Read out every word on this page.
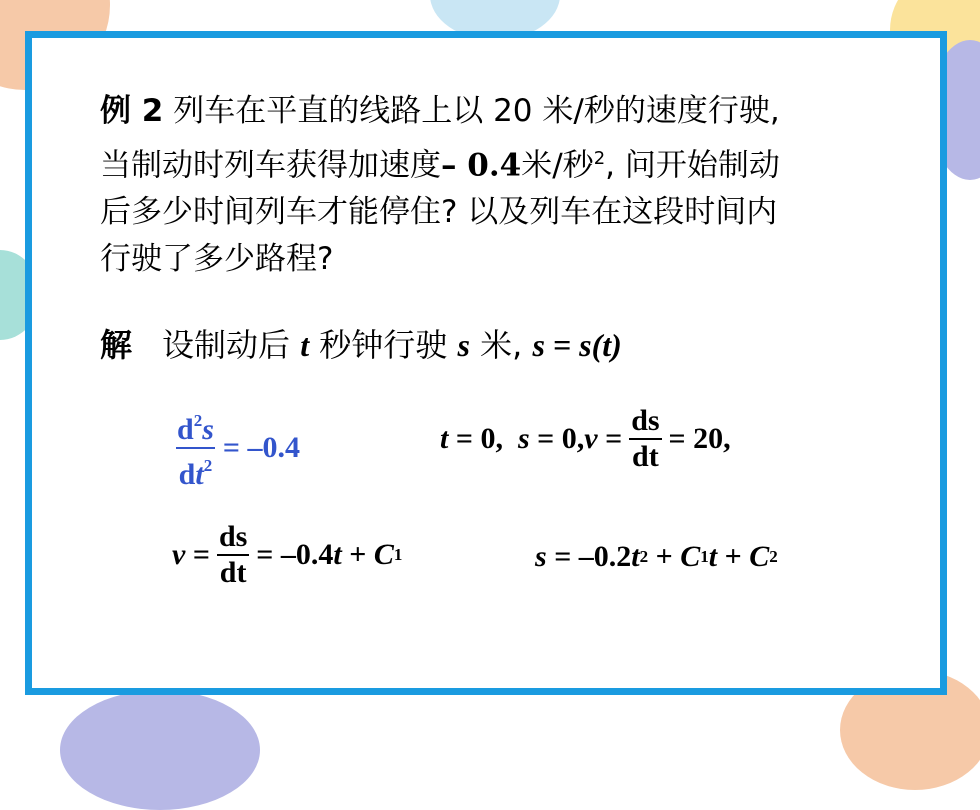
例 2 列车在平直的线路上以 20 米/秒的速度行驶,
当制动时列车获得加速度– 0.4米/秒$^2$, 问开始制动
后多少时间列车才能停住? 以及列车在这段时间内
行驶了多少路程?
解 设制动后 t 秒钟行驶 s 米, s = s(t)
$\frac{d^2s}{dt^2} = -0.4$	t = 0, s = 0, $v = \frac{ds}{dt} = 20$,
$v = \frac{ds}{dt} = -0.4$ t + C 1	s = –0.2 t 2 + C 1 t + C 2
